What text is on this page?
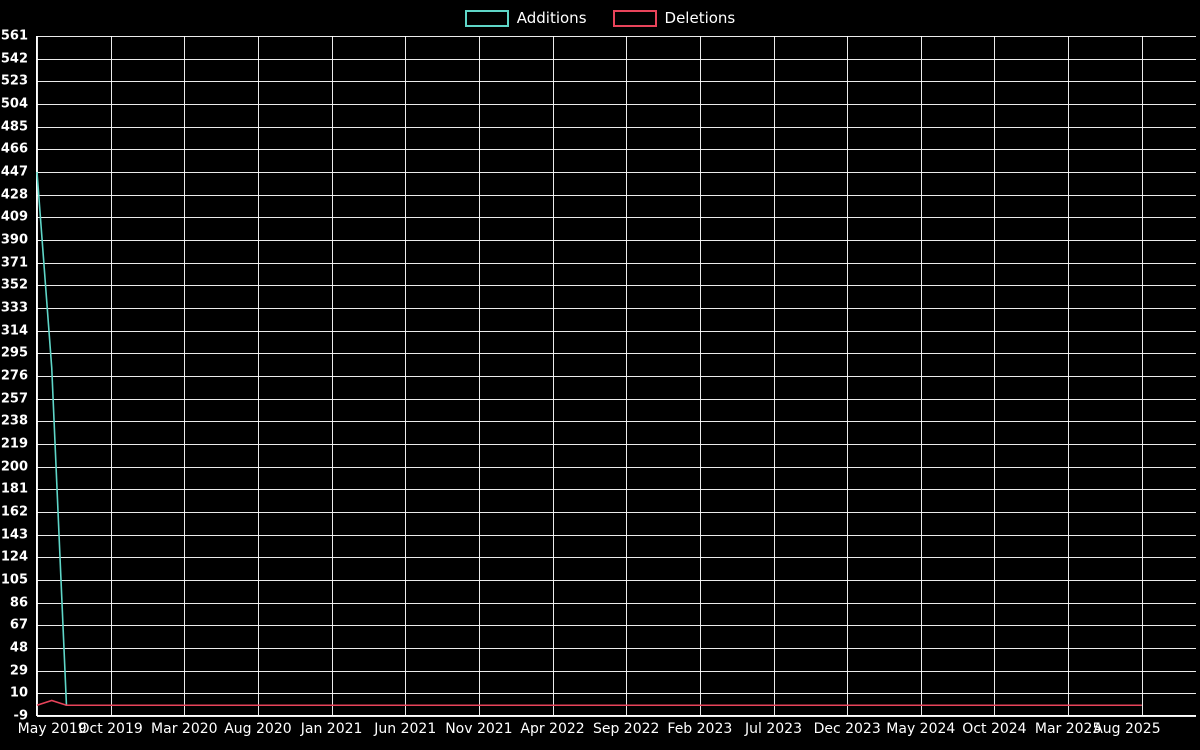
Additions	Deletions
-9
10
29
48
67
86
105
124
143
162
181
200
219
238
257
276
295
314
333
352
371
390
409
428
447
466
485
504
523
542
561
May 2019
Oct 2019 Mar 2020 Aug 2020 Jan 2021 Jun 2021 Nov 2021 Apr 2022 Sep 2022 Feb 2023 Jul 2023 Dec 2023 May 2024 Oct 2024 Mar 2025
Aug 2025
